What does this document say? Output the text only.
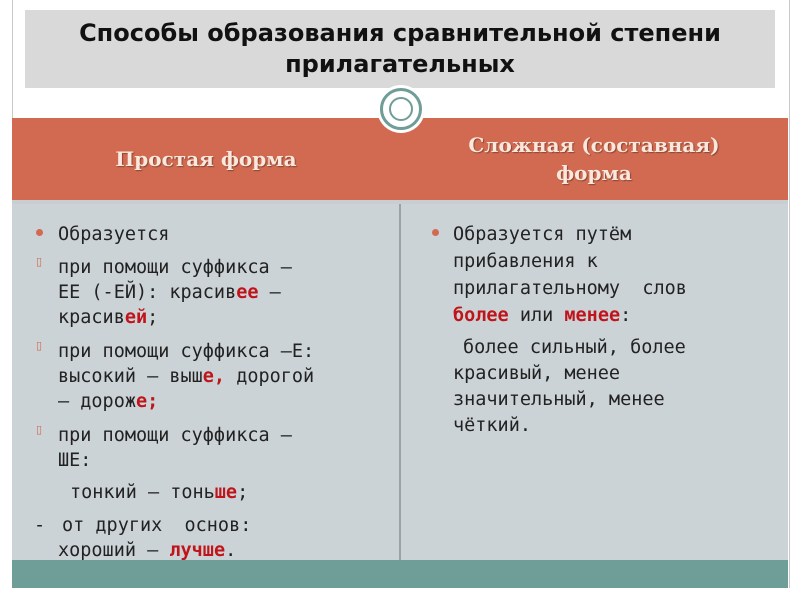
Способы образования сравнительной степени прилагательных
Простая форма
Сложная (составная)
форма
Образуется
▯ при помощи суффикса –
ЕЕ (-ЕЙ): красивее –
красивей;
▯ при помощи суффикса –Е:
высокий – выше, дорогой
– дороже;
▯ при помощи суффикса –
ШЕ:
тонкий – тоньше;
- от других  основ:
хороший – лучше.
Образуется путём
прибавления к
прилагательному  слов
более или менее:
более сильный, более
красивый, менее
значительный, менее
чёткий.
